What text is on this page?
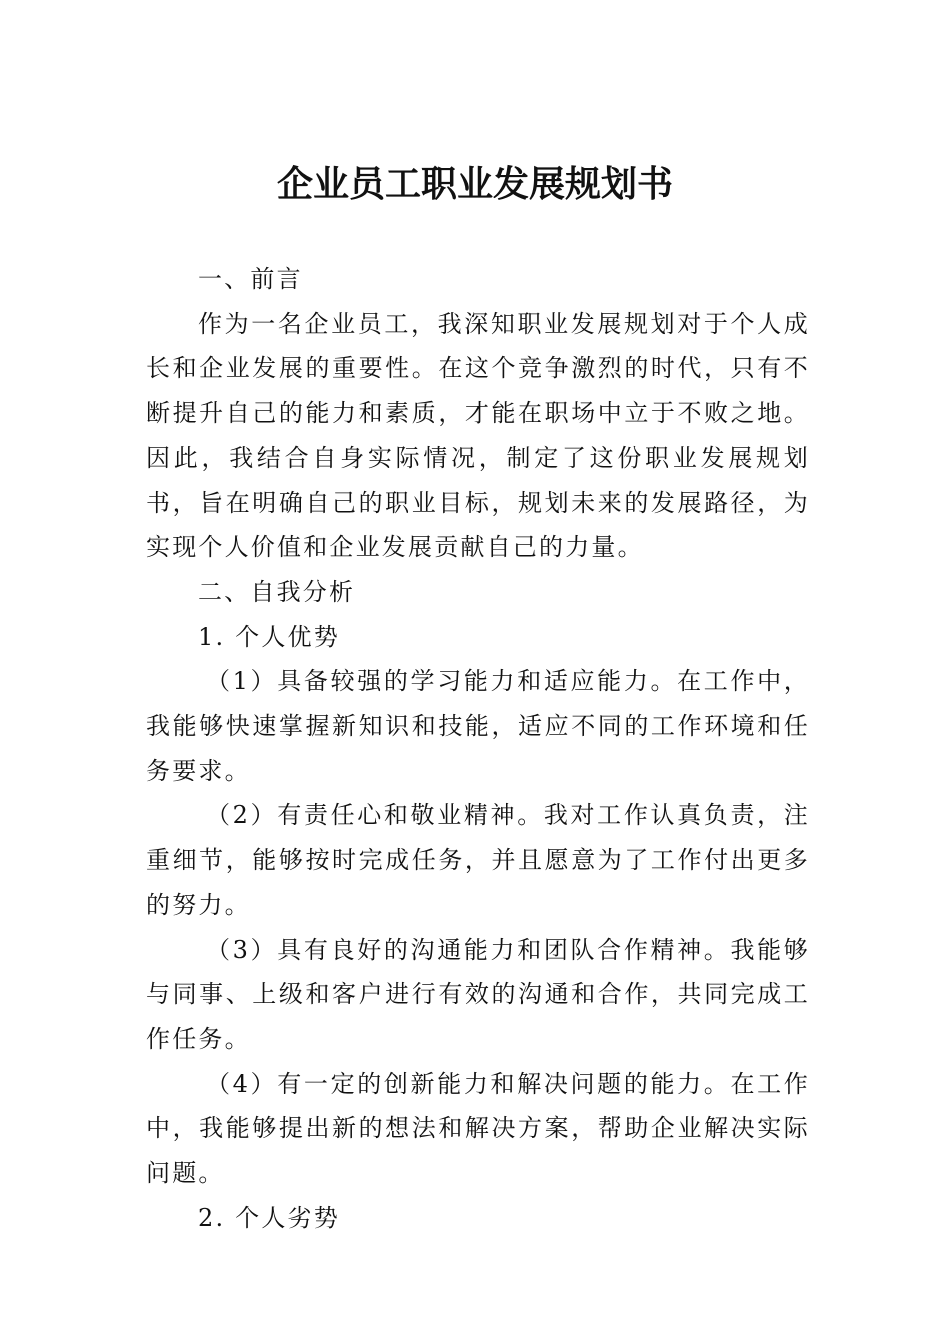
企业员工职业发展规划书

一、前言

作为一名企业员工，我深知职业发展规划对于个人成长和企业发展的重要性。在这个竞争激烈的时代，只有不断提升自己的能力和素质，才能在职场中立于不败之地。因此，我结合自身实际情况，制定了这份职业发展规划书，旨在明确自己的职业目标，规划未来的发展路径，为实现个人价值和企业发展贡献自己的力量。

二、自我分析

1. 个人优势

（1）具备较强的学习能力和适应能力。在工作中，我能够快速掌握新知识和技能，适应不同的工作环境和任务要求。

（2）有责任心和敬业精神。我对工作认真负责，注重细节，能够按时完成任务，并且愿意为了工作付出更多的努力。

（3）具有良好的沟通能力和团队合作精神。我能够与同事、上级和客户进行有效的沟通和合作，共同完成工作任务。

（4）有一定的创新能力和解决问题的能力。在工作中，我能够提出新的想法和解决方案，帮助企业解决实际问题。

2. 个人劣势
